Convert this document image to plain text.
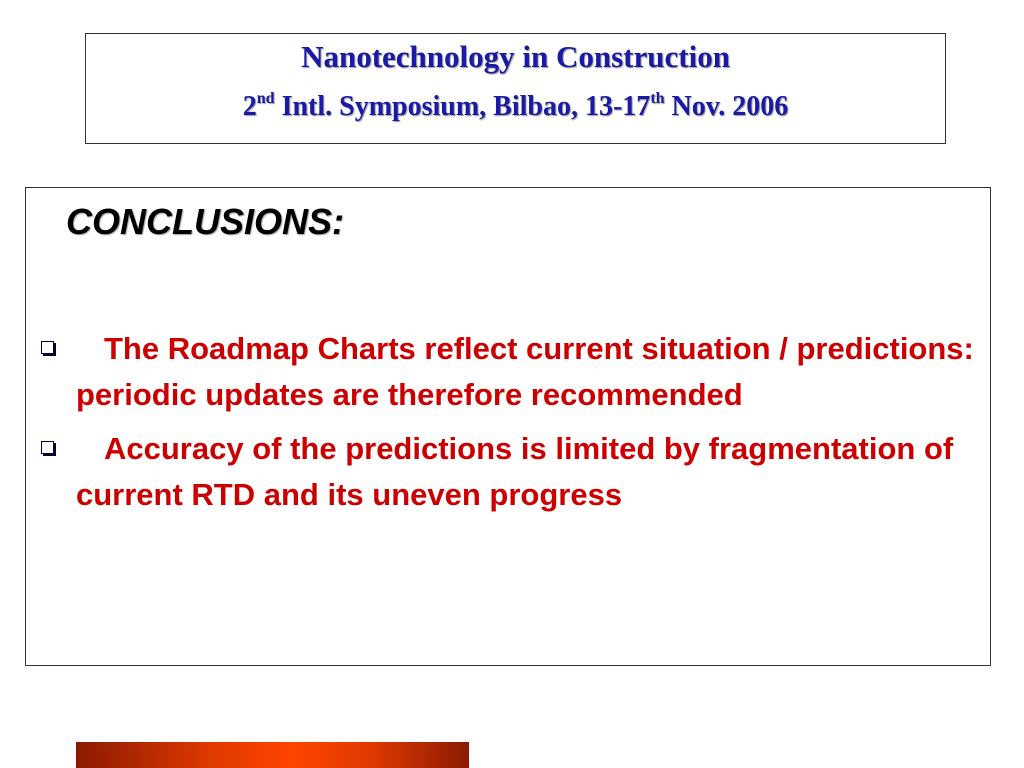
Nanotechnology in Construction
2nd Intl. Symposium, Bilbao, 13-17th Nov. 2006
CONCLUSIONS:
The Roadmap Charts reflect current situation / predictions: periodic updates are therefore recommended
Accuracy of the predictions is limited by fragmentation of current RTD and its uneven progress
